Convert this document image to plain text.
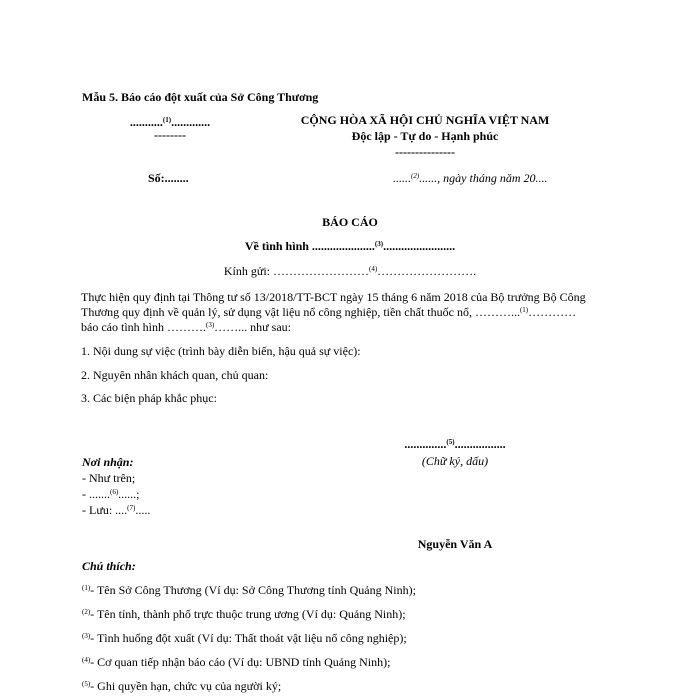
Mẫu 5. Báo cáo đột xuất của Sở Công Thương
...........$^{(1)}$.............
--------
CỘNG HÒA XÃ HỘI CHỦ NGHĨA VIỆT NAM
Độc lập - Tự do - Hạnh phúc
---------------
Số:........	......$^{(2)}$......, ngày tháng năm 20....
BÁO CÁO
Về tình hình .....................$^{(3)}$........................
Kính gửi: ……………………$^{(4)}$…………………….
Thực hiện quy định tại Thông tư số 13/2018/TT-BCT ngày 15 tháng 6 năm 2018 của Bộ trưởng Bộ Công
Thương quy định về quản lý, sử dụng vật liệu nổ công nghiệp, tiền chất thuốc nổ, ………...$^{(1)}$…………
báo cáo tình hình ……….$^{(3)}$……... như sau:
1. Nội dung sự việc (trình bày diễn biến, hậu quả sự việc):
2. Nguyên nhân khách quan, chủ quan:
3. Các biện pháp khắc phục:
..............$^{(5)}$.................
(Chữ ký, dấu)
Nơi nhận:
- Như trên;
- .......$^{(6)}$......;
- Lưu: ....$^{(7)}$.....
Nguyễn Văn A
Chú thích:
$^{(1)}$- Tên Sở Công Thương (Ví dụ: Sở Công Thương tỉnh Quảng Ninh);
$^{(2)}$- Tên tỉnh, thành phố trực thuộc trung ương (Ví dụ: Quảng Ninh);
$^{(3)}$- Tình huống đột xuất (Ví dụ: Thất thoát vật liệu nổ công nghiệp);
$^{(4)}$- Cơ quan tiếp nhận báo cáo (Ví dụ: UBND tỉnh Quảng Ninh);
$^{(5)}$- Ghi quyền hạn, chức vụ của người ký;
